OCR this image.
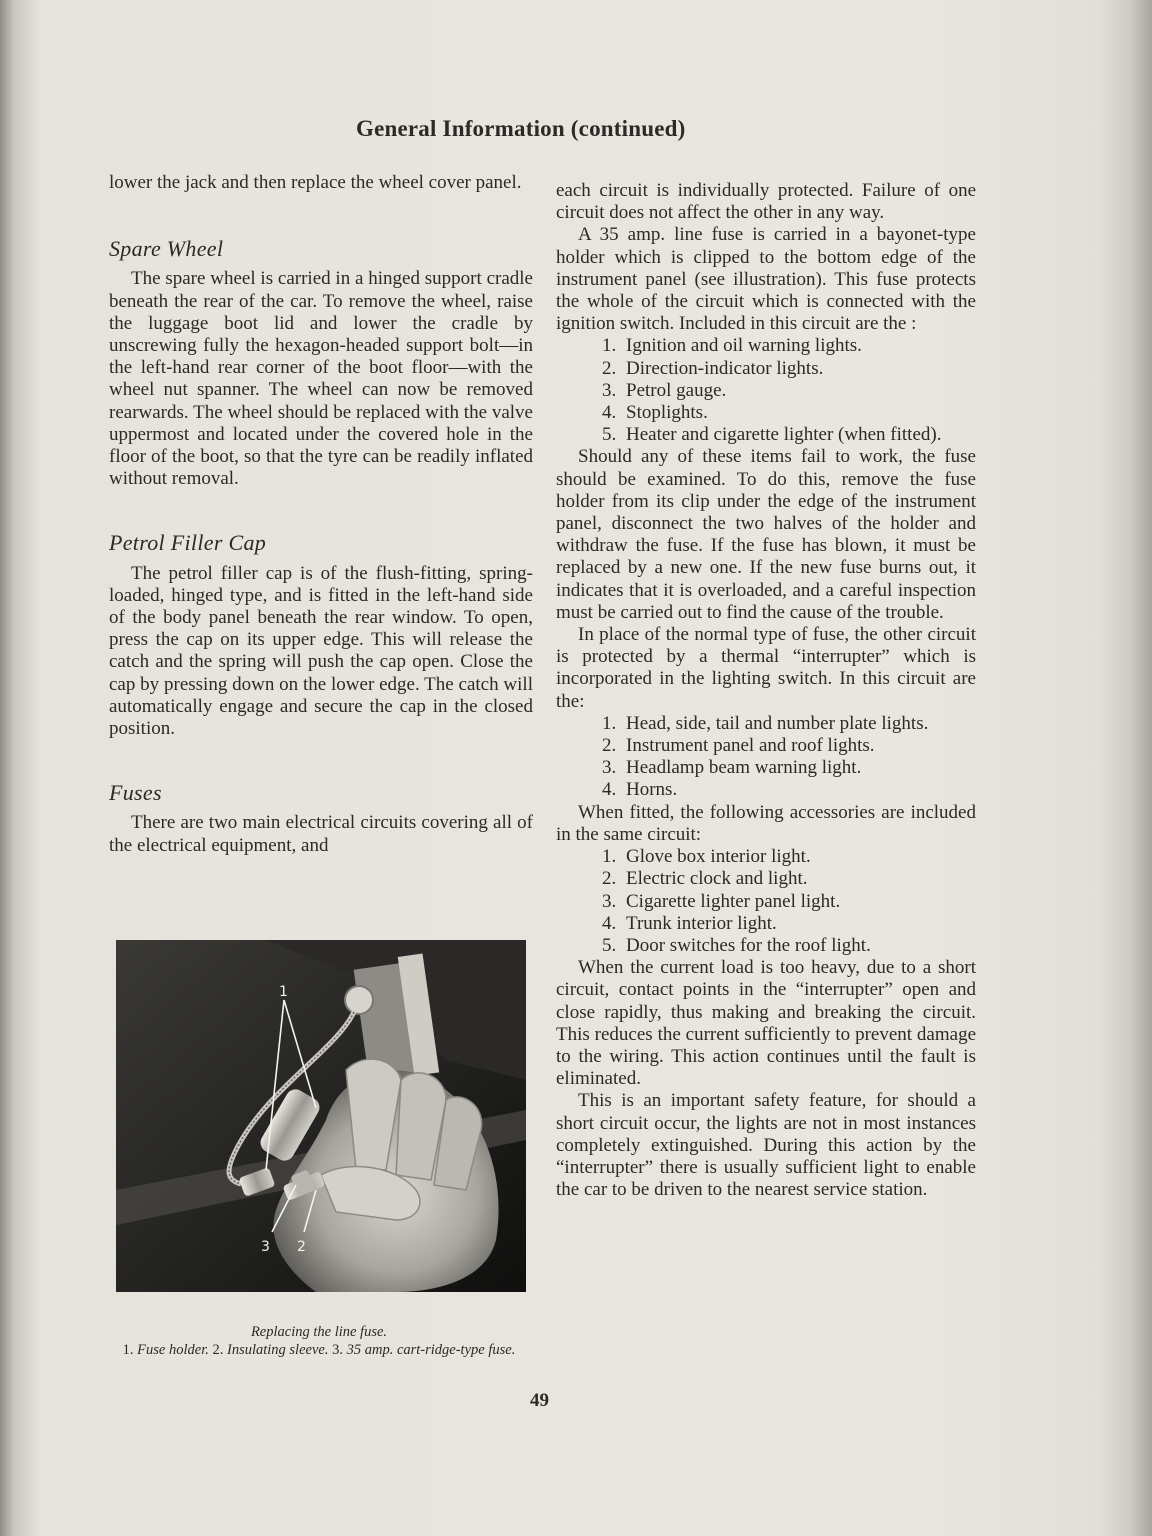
General Information (continued)

lower the jack and then replace the wheel cover panel.

Spare Wheel

The spare wheel is carried in a hinged support cradle beneath the rear of the car. To remove the wheel, raise the luggage boot lid and lower the cradle by unscrewing fully the hexagon-headed support bolt—in the left-hand rear corner of the boot floor—with the wheel nut spanner. The wheel can now be removed rearwards. The wheel should be replaced with the valve uppermost and located under the covered hole in the floor of the boot, so that the tyre can be readily inflated without removal.

Petrol Filler Cap

The petrol filler cap is of the flush-fitting, spring-loaded, hinged type, and is fitted in the left-hand side of the body panel beneath the rear window. To open, press the cap on its upper edge. This will release the catch and the spring will push the cap open. Close the cap by pressing down on the lower edge. The catch will automatically engage and secure the cap in the closed position.

Fuses

There are two main electrical circuits covering all of the electrical equipment, and

1
3 2
Replacing the line fuse.
1. Fuse holder. 2. Insulating sleeve. 3. 35 amp. cart-ridge-type fuse.

each circuit is individually protected. Failure of one circuit does not affect the other in any way.

A 35 amp. line fuse is carried in a bayonet-type holder which is clipped to the bottom edge of the instrument panel (see illustration). This fuse protects the whole of the circuit which is connected with the ignition switch. Included in this circuit are the :

1. Ignition and oil warning lights.
2. Direction-indicator lights.
3. Petrol gauge.
4. Stoplights.
5. Heater and cigarette lighter (when fitted).

Should any of these items fail to work, the fuse should be examined. To do this, remove the fuse holder from its clip under the edge of the instrument panel, disconnect the two halves of the holder and withdraw the fuse. If the fuse has blown, it must be replaced by a new one. If the new fuse burns out, it indicates that it is overloaded, and a careful inspection must be carried out to find the cause of the trouble.

In place of the normal type of fuse, the other circuit is protected by a thermal “interrupter” which is incorporated in the lighting switch. In this circuit are the:

1. Head, side, tail and number plate lights.
2. Instrument panel and roof lights.
3. Headlamp beam warning light.
4. Horns.

When fitted, the following accessories are included in the same circuit:

1. Glove box interior light.
2. Electric clock and light.
3. Cigarette lighter panel light.
4. Trunk interior light.
5. Door switches for the roof light.

When the current load is too heavy, due to a short circuit, contact points in the “interrupter” open and close rapidly, thus making and breaking the circuit. This reduces the current sufficiently to prevent damage to the wiring. This action continues until the fault is eliminated.

This is an important safety feature, for should a short circuit occur, the lights are not in most instances completely extinguished. During this action by the “interrupter” there is usually sufficient light to enable the car to be driven to the nearest service station.

49
